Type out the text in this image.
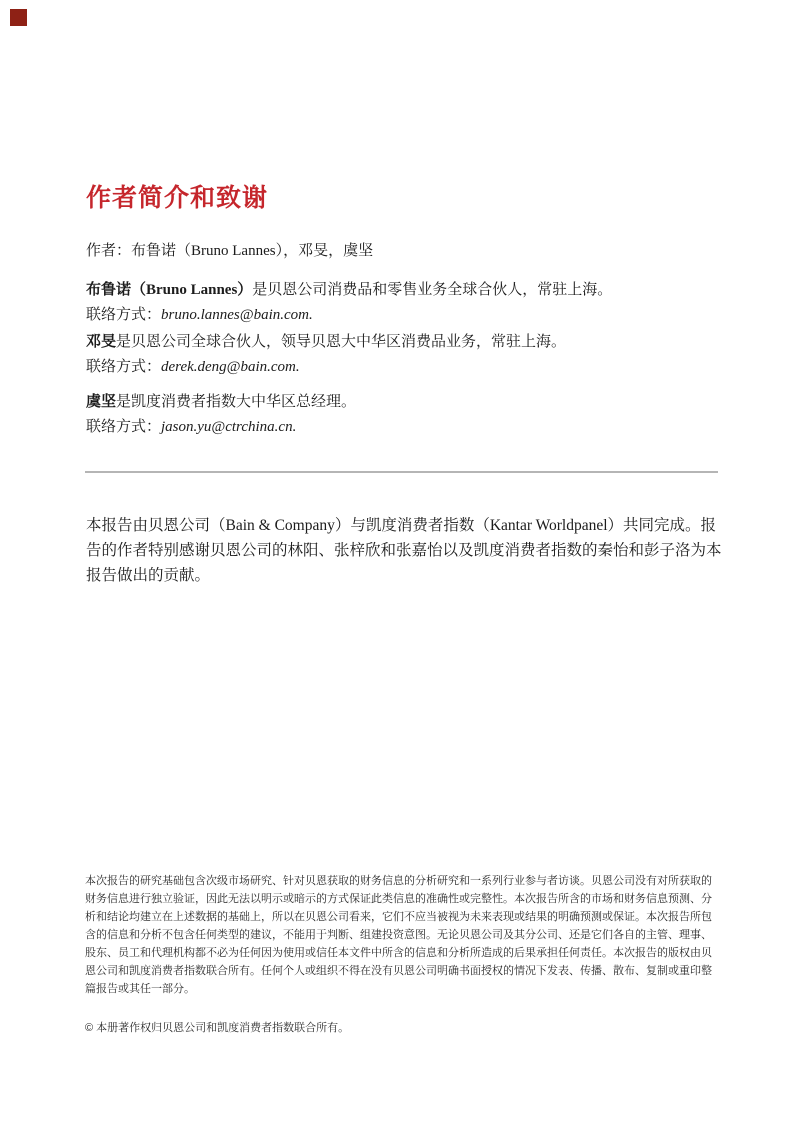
作者简介和致谢

作者：布鲁诺（Bruno Lannes），邓旻，虞坚

布鲁诺（Bruno Lannes）是贝恩公司消费品和零售业务全球合伙人，常驻上海。

联络方式：bruno.lannes@bain.com.

邓旻是贝恩公司全球合伙人，领导贝恩大中华区消费品业务，常驻上海。

联络方式：derek.deng@bain.com.

虞坚是凯度消费者指数大中华区总经理。

联络方式：jason.yu@ctrchina.cn.

本报告由贝恩公司（Bain & Company）与凯度消费者指数（Kantar Worldpanel）共同完成。报告的作者特别感谢贝恩公司的林阳、张梓欣和张嘉怡以及凯度消费者指数的秦怡和彭子洛为本报告做出的贡献。

本次报告的研究基础包含次级市场研究、针对贝恩获取的财务信息的分析研究和一系列行业参与者访谈。贝恩公司没有对所获取的财务信息进行独立验证，因此无法以明示或暗示的方式保证此类信息的准确性或完整性。本次报告所含的市场和财务信息预测、分析和结论均建立在上述数据的基础上，所以在贝恩公司看来，它们不应当被视为未来表现或结果的明确预测或保证。本次报告所包含的信息和分析不包含任何类型的建议，不能用于判断、组建投资意图。无论贝恩公司及其分公司、还是它们各自的主管、理事、股东、员工和代理机构都不必为任何因为使用或信任本文件中所含的信息和分析所造成的后果承担任何责任。本次报告的版权由贝恩公司和凯度消费者指数联合所有。任何个人或组织不得在没有贝恩公司明确书面授权的情况下发表、传播、散布、复制或重印整篇报告或其任一部分。

© 本册著作权归贝恩公司和凯度消费者指数联合所有。
